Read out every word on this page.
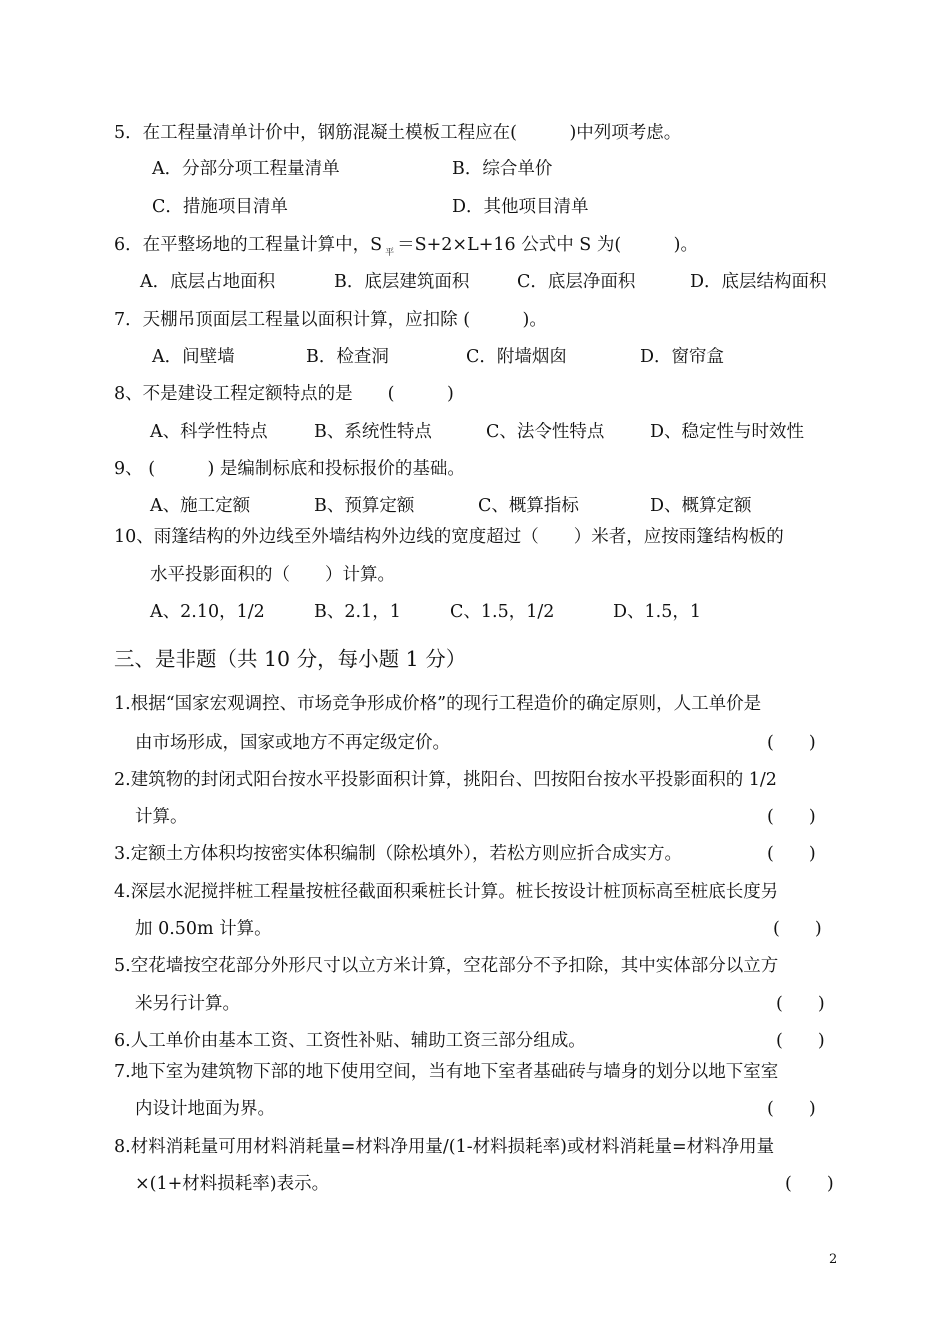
5．在工程量清单计价中，钢筋混凝土模板工程应在(　　　)中列项考虑。
A．分部分项工程量清单	B．综合单价
C．措施项目清单	D．其他项目清单
6．在平整场地的工程量计算中，S $_平$ ＝S+2×L+16 公式中 S 为(　　　)。
A．底层占地面积	B．底层建筑面积	C．底层净面积	D．底层结构面积
7．天棚吊顶面层工程量以面积计算，应扣除 (　　　)。
A．间壁墙	B．检查洞	C．附墙烟囱	D．窗帘盒
8、不是建设工程定额特点的是　　(　　　)
A、科学性特点	B、系统性特点	C、法令性特点	D、稳定性与时效性
9、 (　　　) 是编制标底和投标报价的基础。
A、施工定额	B、预算定额	C、概算指标	D、概算定额
10、雨篷结构的外边线至外墙结构外边线的宽度超过（　　）米者，应按雨篷结构板的
水平投影面积的（　　）计算。
A、2.10，1/2	B、2.1，1	C、1.5，1/2	D、1.5，1
三、是非题（共 10 分，每小题 1 分）
1.根据“国家宏观调控、市场竞争形成价格”的现行工程造价的确定原则，人工单价是
由市场形成，国家或地方不再定级定价。	(　　)
2.建筑物的封闭式阳台按水平投影面积计算，挑阳台、凹按阳台按水平投影面积的 1/2
计算。	(　　)
3.定额土方体积均按密实体积编制（除松填外），若松方则应折合成实方。	(　　)
4.深层水泥搅拌桩工程量按桩径截面积乘桩长计算。桩长按设计桩顶标高至桩底长度另
加 0.50m 计算。	(　　)
5.空花墙按空花部分外形尺寸以立方米计算，空花部分不予扣除，其中实体部分以立方
米另行计算。	(　　)
6.人工单价由基本工资、工资性补贴、辅助工资三部分组成。	(　　)
7.地下室为建筑物下部的地下使用空间，当有地下室者基础砖与墙身的划分以地下室室
内设计地面为界。	(　　)
8.材料消耗量可用材料消耗量=材料净用量/(1-材料损耗率)或材料消耗量=材料净用量
×(1+材料损耗率)表示。	(　　)
2
